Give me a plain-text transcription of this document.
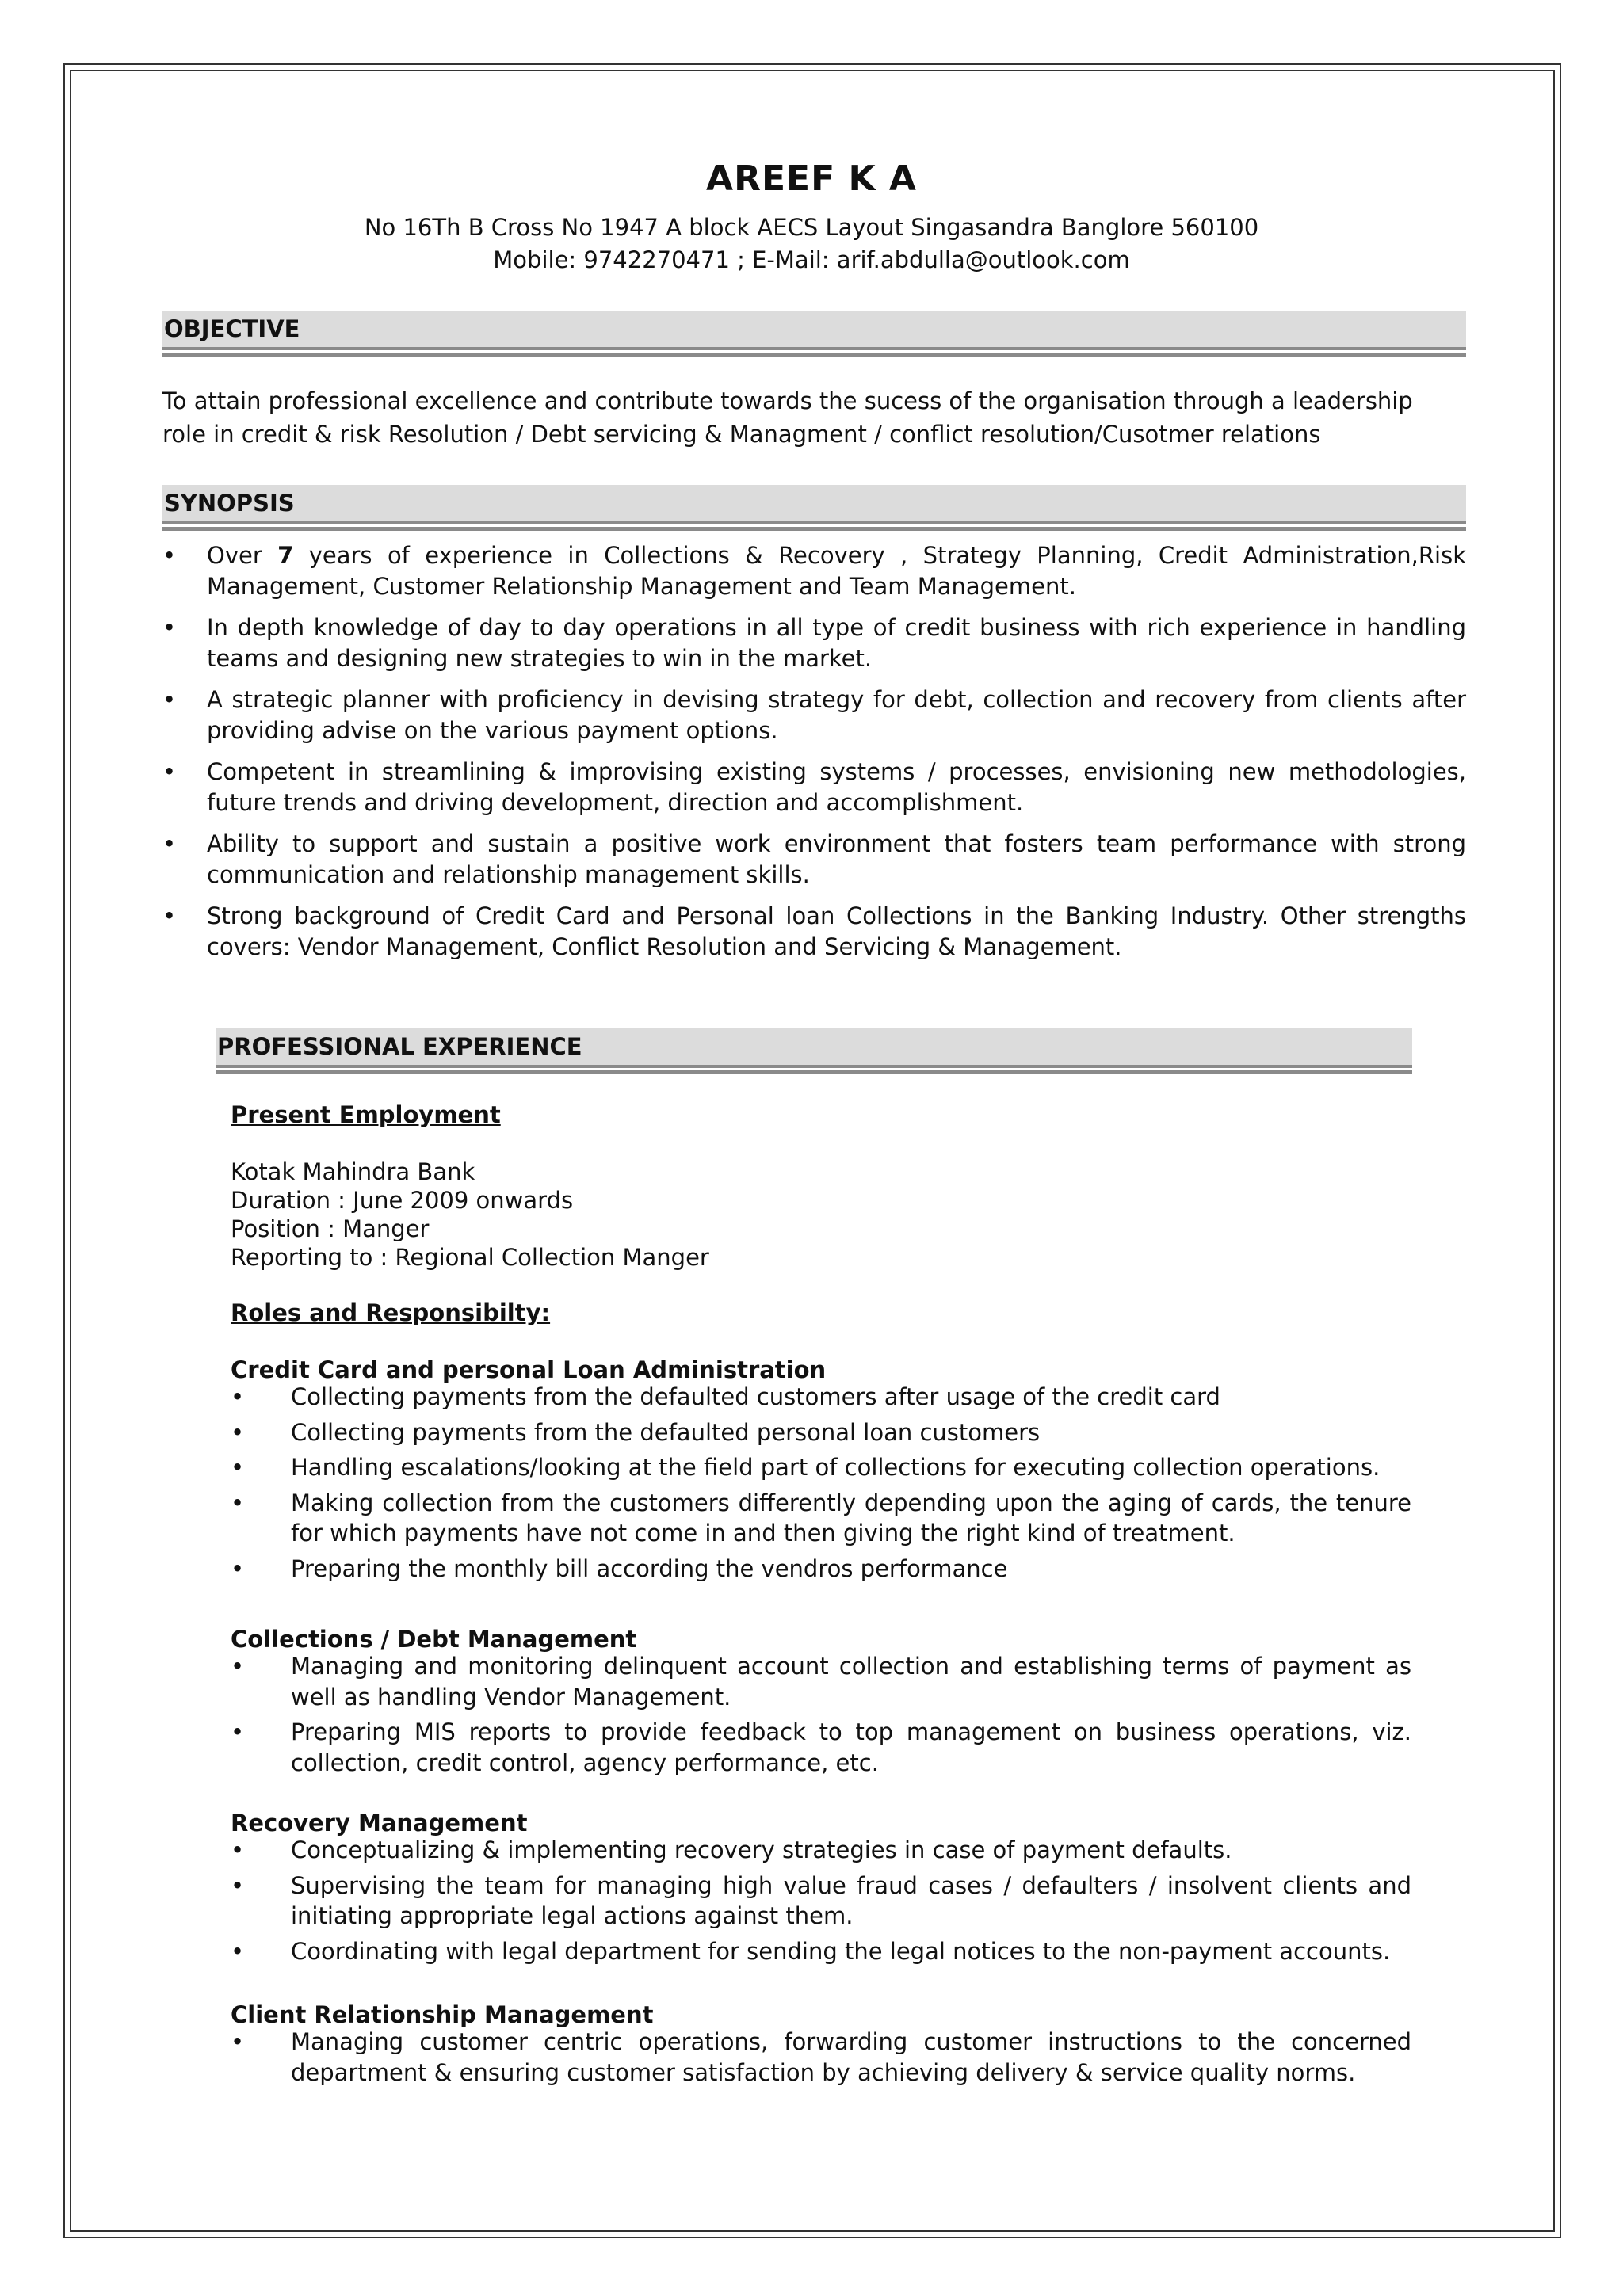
AREEF K A
No 16Th B Cross No 1947 A block AECS Layout Singasandra Banglore 560100
Mobile: 9742270471 ; E-Mail: arif.abdulla@outlook.com
OBJECTIVE

To attain professional excellence and contribute towards the sucess of the organisation through a leadership
role in credit & risk Resolution / Debt servicing & Managment / conflict resolution/Cusotmer relations

SYNOPSIS
• Over 7 years of experience in Collections & Recovery , Strategy Planning, Credit Administration,Risk Management, Customer Relationship Management and Team Management.
• In depth knowledge of day to day operations in all type of credit business with rich experience in handling teams and designing new strategies to win in the market.
• A strategic planner with proficiency in devising strategy for debt, collection and recovery from clients after providing advise on the various payment options.
• Competent in streamlining & improvising existing systems / processes, envisioning new methodologies, future trends and driving development, direction and accomplishment.
• Ability to support and sustain a positive work environment that fosters team performance with strong communication and relationship management skills.
• Strong background of Credit Card and Personal loan Collections in the Banking Industry. Other strengths covers: Vendor Management, Conflict Resolution and Servicing & Management.
PROFESSIONAL EXPERIENCE
Present Employment
Kotak Mahindra Bank
Duration : June 2009 onwards
Position : Manger
Reporting to : Regional Collection Manger
Roles and Responsibilty:
Credit Card and personal Loan Administration
• Collecting payments from the defaulted customers after usage of the credit card
• Collecting payments from the defaulted personal loan customers
• Handling escalations/looking at the field part of collections for executing collection operations.
• Making collection from the customers differently depending upon the aging of cards, the tenure for which payments have not come in and then giving the right kind of treatment.
• Preparing the monthly bill according the vendros performance
Collections / Debt Management
• Managing and monitoring delinquent account collection and establishing terms of payment as well as handling Vendor Management.
• Preparing MIS reports to provide feedback to top management on business operations, viz. collection, credit control, agency performance, etc.
Recovery Management
• Conceptualizing & implementing recovery strategies in case of payment defaults.
• Supervising the team for managing high value fraud cases / defaulters / insolvent clients and initiating appropriate legal actions against them.
• Coordinating with legal department for sending the legal notices to the non-payment accounts.
Client Relationship Management
• Managing customer centric operations, forwarding customer instructions to the concerned department & ensuring customer satisfaction by achieving delivery & service quality norms.
